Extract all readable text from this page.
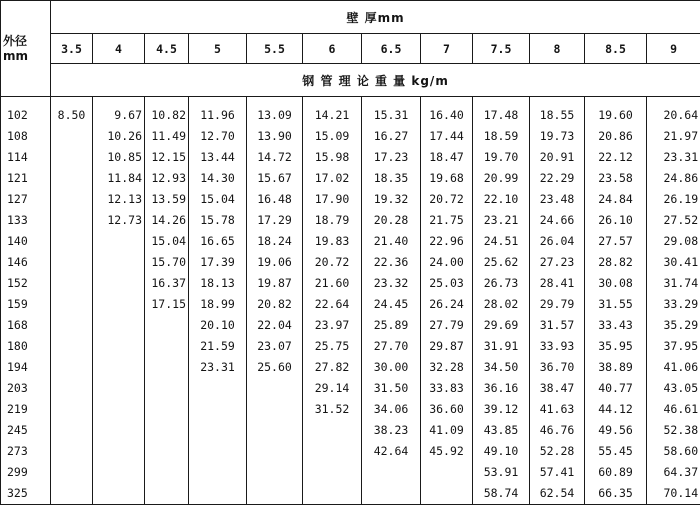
外径
mm	壁 厚mm											
	3.5	4	4.5	5	5.5	6	6.5	7	7.5	8	8.5	9
	钢 管 理 论 重 量 kg/m											
102	8.50	9.67	10.82	11.96	13.09	14.21	15.31	16.40	17.48	18.55	19.60	20.64
108		10.26	11.49	12.70	13.90	15.09	16.27	17.44	18.59	19.73	20.86	21.97
114		10.85	12.15	13.44	14.72	15.98	17.23	18.47	19.70	20.91	22.12	23.31
121		11.84	12.93	14.30	15.67	17.02	18.35	19.68	20.99	22.29	23.58	24.86
127		12.13	13.59	15.04	16.48	17.90	19.32	20.72	22.10	23.48	24.84	26.19
133		12.73	14.26	15.78	17.29	18.79	20.28	21.75	23.21	24.66	26.10	27.52
140			15.04	16.65	18.24	19.83	21.40	22.96	24.51	26.04	27.57	29.08
146			15.70	17.39	19.06	20.72	22.36	24.00	25.62	27.23	28.82	30.41
152			16.37	18.13	19.87	21.60	23.32	25.03	26.73	28.41	30.08	31.74
159			17.15	18.99	20.82	22.64	24.45	26.24	28.02	29.79	31.55	33.29
168				20.10	22.04	23.97	25.89	27.79	29.69	31.57	33.43	35.29
180				21.59	23.07	25.75	27.70	29.87	31.91	33.93	35.95	37.95
194				23.31	25.60	27.82	30.00	32.28	34.50	36.70	38.89	41.06
203						29.14	31.50	33.83	36.16	38.47	40.77	43.05
219						31.52	34.06	36.60	39.12	41.63	44.12	46.61
245							38.23	41.09	43.85	46.76	49.56	52.38
273							42.64	45.92	49.10	52.28	55.45	58.60
299									53.91	57.41	60.89	64.37
325									58.74	62.54	66.35	70.14
